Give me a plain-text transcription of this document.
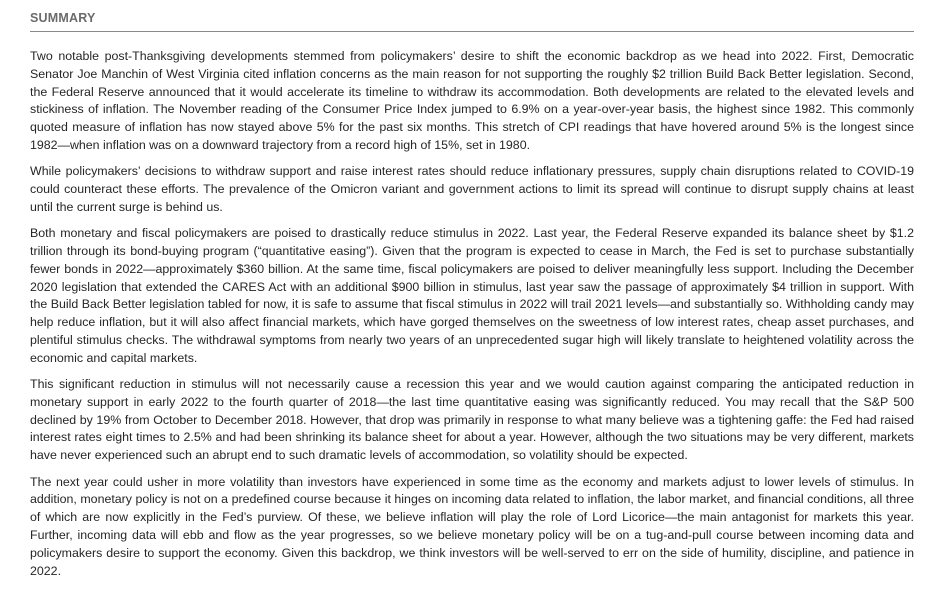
SUMMARY

Two notable post-Thanksgiving developments stemmed from policymakers’ desire to shift the economic backdrop as we head into 2022. First, Democratic Senator Joe Manchin of West Virginia cited inflation concerns as the main reason for not supporting the roughly $2 trillion Build Back Better legislation. Second, the Federal Reserve announced that it would accelerate its timeline to withdraw its accommodation. Both developments are related to the elevated levels and stickiness of inflation. The November reading of the Consumer Price Index jumped to 6.9% on a year-over-year basis, the highest since 1982. This commonly quoted measure of inflation has now stayed above 5% for the past six months. This stretch of CPI readings that have hovered around 5% is the longest since 1982—when inflation was on a downward trajectory from a record high of 15%, set in 1980.

While policymakers’ decisions to withdraw support and raise interest rates should reduce inflationary pressures, supply chain disruptions related to COVID-19 could counteract these efforts. The prevalence of the Omicron variant and government actions to limit its spread will continue to disrupt supply chains at least until the current surge is behind us.

Both monetary and fiscal policymakers are poised to drastically reduce stimulus in 2022. Last year, the Federal Reserve expanded its balance sheet by $1.2 trillion through its bond-buying program (“quantitative easing”). Given that the program is expected to cease in March, the Fed is set to purchase substantially fewer bonds in 2022—approximately $360 billion. At the same time, fiscal policymakers are poised to deliver meaningfully less support. Including the December 2020 legislation that extended the CARES Act with an additional $900 billion in stimulus, last year saw the passage of approximately $4 trillion in support. With the Build Back Better legislation tabled for now, it is safe to assume that fiscal stimulus in 2022 will trail 2021 levels—and substantially so. Withholding candy may help reduce inflation, but it will also affect financial markets, which have gorged themselves on the sweetness of low interest rates, cheap asset purchases, and plentiful stimulus checks. The withdrawal symptoms from nearly two years of an unprecedented sugar high will likely translate to heightened volatility across the economic and capital markets.

This significant reduction in stimulus will not necessarily cause a recession this year and we would caution against comparing the anticipated reduction in monetary support in early 2022 to the fourth quarter of 2018—the last time quantitative easing was significantly reduced. You may recall that the S&P 500 declined by 19% from October to December 2018. However, that drop was primarily in response to what many believe was a tightening gaffe: the Fed had raised interest rates eight times to 2.5% and had been shrinking its balance sheet for about a year. However, although the two situations may be very different, markets have never experienced such an abrupt end to such dramatic levels of accommodation, so volatility should be expected.

The next year could usher in more volatility than investors have experienced in some time as the economy and markets adjust to lower levels of stimulus. In addition, monetary policy is not on a predefined course because it hinges on incoming data related to inflation, the labor market, and financial conditions, all three of which are now explicitly in the Fed’s purview. Of these, we believe inflation will play the role of Lord Licorice—the main antagonist for markets this year. Further, incoming data will ebb and flow as the year progresses, so we believe monetary policy will be on a tug-and-pull course between incoming data and policymakers desire to support the economy. Given this backdrop, we think investors will be well-served to err on the side of humility, discipline, and patience in 2022.
